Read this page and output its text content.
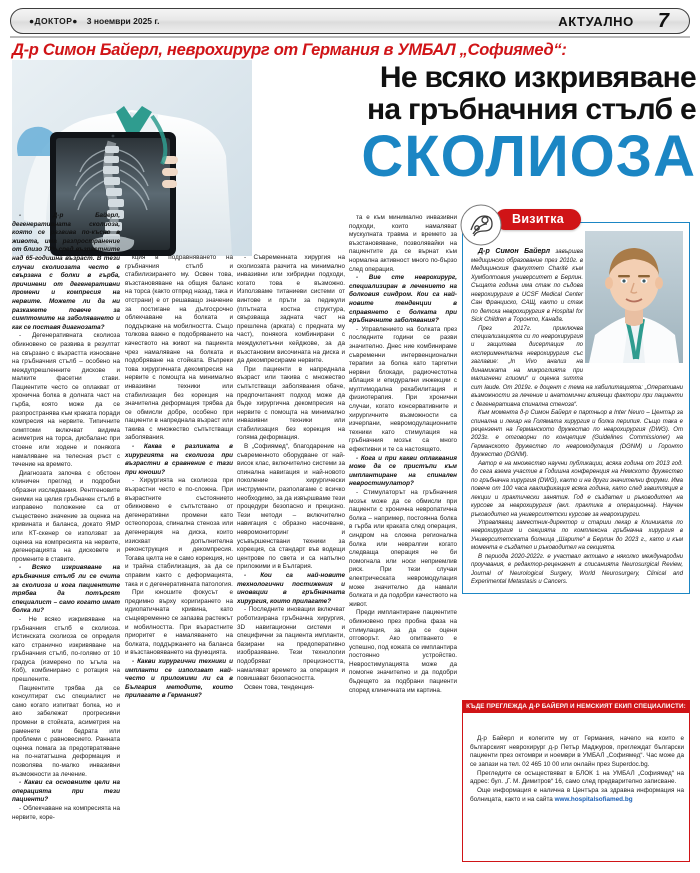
●ДОКТОР● 3 ноември 2025 г.	АКТУАЛНО 7
Д-р Симон Байерл, неврохирург от Германия в УМБАЛ „Софиямед“:
Не всяко изкривяване
на гръбначния стълб е
СКОЛИОЗА

- Д-р Байерл, дегенеративната сколиоза, която се развива по-късно в живота, има разпространение от близо 70% сред възрастните над 65-годишна възраст. В тези случаи сколиозата често е свързана с болки в гърба, причинени от дегенеративни промени и компресия на нервите. Можете ли да ни разкажете повече за симптомите на заболяването и как се поставя диагнозата?

- Дегенеративната сколиоза обикновено се развива в резултат на свързано с възрастта износване на гръбначния стълб – особено на междупрешленните дискове и малките фасетни стави. Пациентите често се оплакват от хронична болка в долната част на гърба, която може да се разпространява към краката поради компресия на нервите. Типичните симптоми включват видима асиметрия на торса, дисбаланс при стоене или ходене и понякога намаляване на телесная ръст с течение на времето.

Диагнозата започва с обстоен клиничен преглед и подробни образни изследвания. Рентгеновите снимки на целия гръбначен стълб в изправено положение са от съществено значение за оценка на кривината и баланса, докато ЯМР или КТ-скенер се използват за оценка на компресията на нервите, дегенерацията на дисковете и промените в ставите.

- Всяко изкривяване на гръбначния стълб ли се счита за сколиоза и кога пациентите трябва да потърсят специалист – само когато имат болка ли?

- Не всяко изкривяване на гръбначния стълб е сколиоза. Истинската сколиоза се определя като странично изкривяване на гръбначния стълб, по-голямо от 10 градуса (измерено по ъгъла на Коб), комбинирано с ротация на прешлените.

Пациентите трябва да се консултират със специалист не само когато изпитват болка, но и ако забележат прогресивни промени в стойката, асиметрия на раменете или бедрата или проблеми с равновесието. Ранната оценка помага за предотвратяване на по-нататъшна деформация и позволява по-малко инвазивни възможности за лечение.

- Какви са основните цели на операцията при тези пациенти?

- Облекчаване на компресията на нервите, коре-

кция в подравняването на гръбначния стълб и стабилизирането му. Освен това, възстановяване на общия баланс на торса (както отпред назад, така и отстрани) е от решаващо значение за постигане на дългосрочно облекчаване на болката и поддържане на мобилността. Също толкова важно е подобряването на качеството на живот на пациента чрез намаляване на болката и подобряване на стойката. Въпреки това хирургичната декомпресия на нервите с помощта на минимално инвазивни техники или стабилизация без корекция на значителна деформация трябва да се обмисли добре, особено при пациенти в напреднала възраст или такива с множество съпътстващи заболявания.

- Каква е разликата в хирургията на сколиоза при възрастни в сравнение с тази при юноши?

- Хирургията на сколиоза при възрастни често е по-сложна. При възрастните състоянието обикновено е съпътствано от дегенеративни промени като остеопороза, спинална стеноза или дегенерация на диска, които изискват допълнителна реконструкция и декомпресия. Тогава целта не е само корекция, но и трайна стабилизация, за да се справим както с деформацията, така и с дегенеративната патология.

При юношите фокусът е предимно върху коригирането на идиопатичната кривина, като същевременно се запазва растежът и мобилността. При възрастните приоритет е намаляването на болката, поддържането на баланса и възстановяването на функцията.

- Какви хирургични техники и импланти се използват най-често и приложими ли са в България методите, които прилагате в Германия?

- Съвременната хирургия на сколиозата разчита на минимално инвазивни или хибридни подходи, когато това е възможно. Използваме титаниеви системи от винтове и пръти за педикули (плътната костна структура, свързваща задната част на прешлена (арката) с предната му част), понякога комбинирани с междуклетъчни кейджове, за да възстановим височината на диска и да декомпресираме нервите.

При пациенти в напреднала възраст или такива с множество съпътстващи заболявания обаче, предпочитаният подход може да бъде хирургична декомпресия на нервите с помощта на минимално инвазивни техники или стабилизация без корекция на голяма деформация.

В „Софиямед“, благодарение на съвременното оборудване от най-висок клас, включително системи за спинална навигация и най-новото поколение хирургически инструменти, разполагаме с всичко необходимо, за да извършваме тези процедури безопасно и прецизно. Тези методи – включително навигация с образно насочване, невромониторинг и усъвършенствани техники за корекция, са стандарт във водещи центрове по света и са напълно приложими и в България.

- Кои са най-новите технологични постижения и иновации в гръбначната хирургия, които прилагате?

- Последните иновации включват роботизирана гръбначна хирургия, 3D навигационни системи и специфични за пациента импланти, базирани на предоперативно изобразяване. Тези технологии подобряват прецизността, намаляват времето за операция и повишават безопасността.

Освен това, тенденция-

та е към минимално инвазивни подходи, които намаляват мускулната травма и времето за възстановяване, позволявайки на пациентите да се върнат към нормална активност много по-бързо след операция.

- Вие сте неврохирург, специализиран в лечението на болковия синдром. Кои са най-новите тенденции в справянето с болката при гръбначните заболявания?

- Управлението на болката през последните години се разви значително. Днес ние комбинираме съвременни интервенционални терапии за болка като таргетни нервни блокади, радиочестотна аблация и епидурални инжекции с мултимодална рехабилитация и физиотерапия. При хронични случаи, когато консервативните и хирургичните възможности са изчерпани, невромодулационните техники като стимулация на гръбначния мозък са много ефективни и те са настоящето.

- Кога и при какви оплаквания може да се пристъпи към имплантиране на спинален невростимулатор?

- Стимулаторът на гръбначния мозък може да се обмисли при пациенти с хронична невропатична болка – например, постоянна болка в гърба или краката след операция, синдром на сложна регионална болка или невралгии когато следваща операция не би помогнала или носи неприемлив риск. При тези случаи електрическата невромодулация може значително да намали болката и да подобри качеството на живот.

Преди имплантиране пациентите обикновено през пробна фаза на стимулация, за да се оцени отговорът. Ако опитването е успешно, под кожата се имплантира постоянно устройство. Невростимулацията може да помогне значително и да подобри бъдещето за подбрани пациенти според клиничната им картина.

Д-р Симон Байерл завършва медицинско образование през 2010г. в Медицинския факултет Charité към Хумболтовия университет в Берлин. Същата година има стаж по съдова неврохирургия в UCSF Medical Center Сан Франциско, САЩ, както и стаж по детска неврохирургия в Hospital for Sick Children в Торонто, Канада.

През 2017г. приключва специализацията си по неврохирургия и защитава дисертация по експериментална неврохирургия със заглавие: „In Vivo анализ на динамиката на микроглията при малигнени глиоми“ и оценка summa cum laude. От 2019г. е доцент с тема на хабилитацията: „Оперативни възможности за лечение и анатомични влияещи фактори при пациенти с дегенеративна спинална стеноза“.

Към момента д-р Симон Байерл е партньор в Inter Neuro – Център за спинална и лекар на Голямата хирургия и болка перипия. Също така е рецензент на Германското дружество по неврохирургия (DWG). От 2023г. е отговорни по концепция (Guidelines Commissioner) на Германското дружество по невромодулация (DGNM) и Горонто дружество (DGNM).

Автор е на множество научни публикации, всяка година от 2013 год. до сега взема участие в Годишна конференция на Немското дружество по гръбначна хирургия (DWG), както и на други значителни форуми. Има повече от 100 часа квалификация всяка година, като след завитляция в лекции и практически занятия. Год е създател и ръководител на курсове за неврохирургия (вкл. практика в операционна). Научен ръководител на университетски курсове за неврохирурги.

Управляващ заместник-директор и старши лекар в Клиниката по неврохирургия и секцията по комплексна гръбначна хирургия в Университетската болница „Шарите“ в Берлин до 2023 г., като и към момента е създател и ръководител на секцията.

В периода 2020-2022г. е участвал активно в няколко международни проучвания, е редактор-рецензент в списанията Neurosurgical Review, Journal of Neurological Surgery, World Neurosurgery, Clinical and Experimental Metastasis и Cancers.

Визитка

Д-р Байерл и колегите му от Германия, начело на които е българският неврохирург д-р Петър Маджуров, преглеждат български пациенти през октомври и ноември в УМБАЛ „Софиямед“. Час може да се запази на тел. 02 465 10 00 или онлайн през Superdoc.bg.

Прегледите се осъществяват в БЛОК 1 на УМБАЛ „Софиямед“ на адрес: бул. „Г. М. Димитров“ 16, само след предварително записване.

Още информация е налична в Центъра за здравна информация на болницата, както и на сайта www.hospitalsofiamed.bg

КЪДЕ ПРЕГЛЕЖДА Д-Р БАЙЕРЛ И НЕМСКИЯТ ЕКИП СПЕЦИАЛИСТИ:
